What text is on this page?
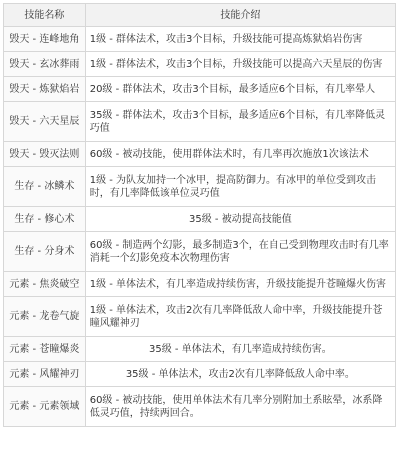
技能名称	技能介绍
毁天 - 连峰地角	1级 - 群体法术，攻击3个目标，升级技能可提高炼狱焰岩伤害
毁天 - 玄冰葬雨	1级 - 群体法术，攻击3个目标，升级技能可以提高六天星辰的伤害
毁天 - 炼狱焰岩	20级 - 群体法术，攻击3个目标，最多适应6个目标，有几率晕人
毁天 - 六天星辰	35级 - 群体法术，攻击3个目标，最多适应6个目标，有几率降低灵巧值
毁天 - 毁灭法则	60级 - 被动技能，使用群体法术时，有几率再次施放1次该法术
生存 - 冰鳞术	1级 - 为队友加持一个冰甲，提高防御力。有冰甲的单位受到攻击时，有几率降低该单位灵巧值
生存 - 修心术	35级 - 被动提高技能值
生存 - 分身术	60级 - 制造两个幻影，最多制造3个，在自己受到物理攻击时有几率消耗一个幻影免疫本次物理伤害
元素 - 焦炎破空	1级 - 单体法术，有几率造成持续伤害，升级技能提升苍瞳爆火伤害
元素 - 龙卷气旋	1级 - 单体法术，攻击2次有几率降低敌人命中率，升级技能提升苍瞳风耀神刃
元素 - 苍瞳爆炎	35级 - 单体法术，有几率造成持续伤害。
元素 - 风耀神刃	35级 - 单体法术，攻击2次有几率降低敌人命中率。
元素 - 元素领域	60级 - 被动技能，使用单体法术有几率分别附加土系眩晕，冰系降低灵巧值，持续两回合。
